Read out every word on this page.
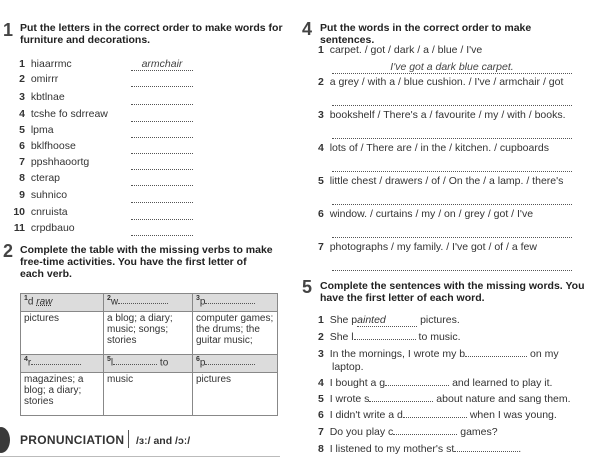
1 Put the letters in the correct order to make words for
furniture and decorations.
1 hiaarrmc	armchair
2 omirrr
3 kbtlnae
4 tcshe fo sdrreaw
5 lpma
6 bklfhoose
7 ppshhaoortg
8 cterap
9 suhnico
10 cnruista
11 crpdbauo
2 Complete the table with the missing verbs to make
free-time activities. You have the first letter of
each verb.
$^1$d raw	$^2$w	$^3$p
pictures	a blog; a diary; music; songs; stories	computer games; the drums; the guitar music;
$^4$r	$^5$l to	$^6$p
magazines; a blog; a diary; stories	music	pictures
PRONUNCIATION /ɜː/ and /ɔː/
4 Put the words in the correct order to make sentences.
1 carpet. / got / dark / a / blue / I've
I've got a dark blue carpet.
2 a grey / with a / blue cushion. / I've / armchair / got
3 bookshelf / There's a / favourite / my / with / books.
4 lots of / There are / in the / kitchen. / cupboards
5 little chest / drawers / of / On the / a lamp. / there's
6 window. / curtains / my / on / grey / got / I've
7 photographs / my family. / I've got / of / a few
5 Complete the sentences with the missing words. You
have the first letter of each word.
1 She painted	pictures.
2 She l	to music.
3 In the mornings, I wrote my b	on my
laptop.
4 I bought a g	and learned to play it.
5 I wrote s	about nature and sang them.
6 I didn't write a d	when I was young.
7 Do you play c	games?
8 I listened to my mother's st	.
